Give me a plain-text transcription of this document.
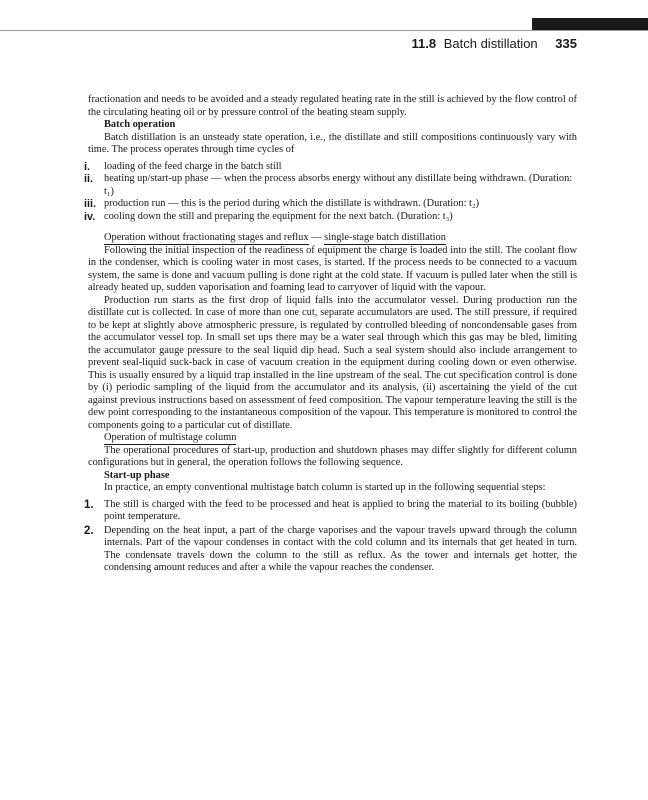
11.8 Batch distillation 335

fractionation and needs to be avoided and a steady regulated heating rate in the still is achieved by the flow control of the circulating heating oil or by pressure control of the heating steam supply.

Batch operation

Batch distillation is an unsteady state operation, i.e., the distillate and still compositions continuously vary with time. The process operates through time cycles of

i. loading of the feed charge in the batch still
ii. heating up/start-up phase — when the process absorbs energy without any distillate being withdrawn. (Duration: t₁)
iii. production run — this is the period during which the distillate is withdrawn. (Duration: t₂)
iv. cooling down the still and preparing the equipment for the next batch. (Duration: t₃)

Operation without fractionating stages and reflux — single-stage batch distillation

Following the initial inspection of the readiness of equipment the charge is loaded into the still. The coolant flow in the condenser, which is cooling water in most cases, is started. If the process needs to be connected to a vacuum system, the same is done and vacuum pulling is done right at the cold state. If vacuum is pulled later when the still is already heated up, sudden vaporisation and foaming lead to carryover of liquid with the vapour.

Production run starts as the first drop of liquid falls into the accumulator vessel. During production run the distillate cut is collected. In case of more than one cut, separate accumulators are used. The still pressure, if required to be kept at slightly above atmospheric pressure, is regulated by controlled bleeding of noncondensable gases from the accumulator vessel top. In small set ups there may be a water seal through which this gas may be bled, limiting the accumulator gauge pressure to the seal liquid dip head. Such a seal system should also include arrangement to prevent seal-liquid suck-back in case of vacuum creation in the equipment during cooling down or even otherwise. This is usually ensured by a liquid trap installed in the line upstream of the seal. The cut specification control is done by (i) periodic sampling of the liquid from the accumulator and its analysis, (ii) ascertaining the yield of the cut against previous instructions based on assessment of feed composition. The vapour temperature leaving the still is the dew point corresponding to the instantaneous composition of the vapour. This temperature is monitored to control the components going to a particular cut of distillate.

Operation of multistage column

The operational procedures of start-up, production and shutdown phases may differ slightly for different column configurations but in general, the operation follows the following sequence.

Start-up phase

In practice, an empty conventional multistage batch column is started up in the following sequential steps:

1. The still is charged with the feed to be processed and heat is applied to bring the material to its boiling (bubble) point temperature.
2. Depending on the heat input, a part of the charge vaporises and the vapour travels upward through the column internals. Part of the vapour condenses in contact with the cold column and its internals that get heated in turn. The condensate travels down the column to the still as reflux. As the tower and internals get hotter, the condensing amount reduces and after a while the vapour reaches the condenser.
